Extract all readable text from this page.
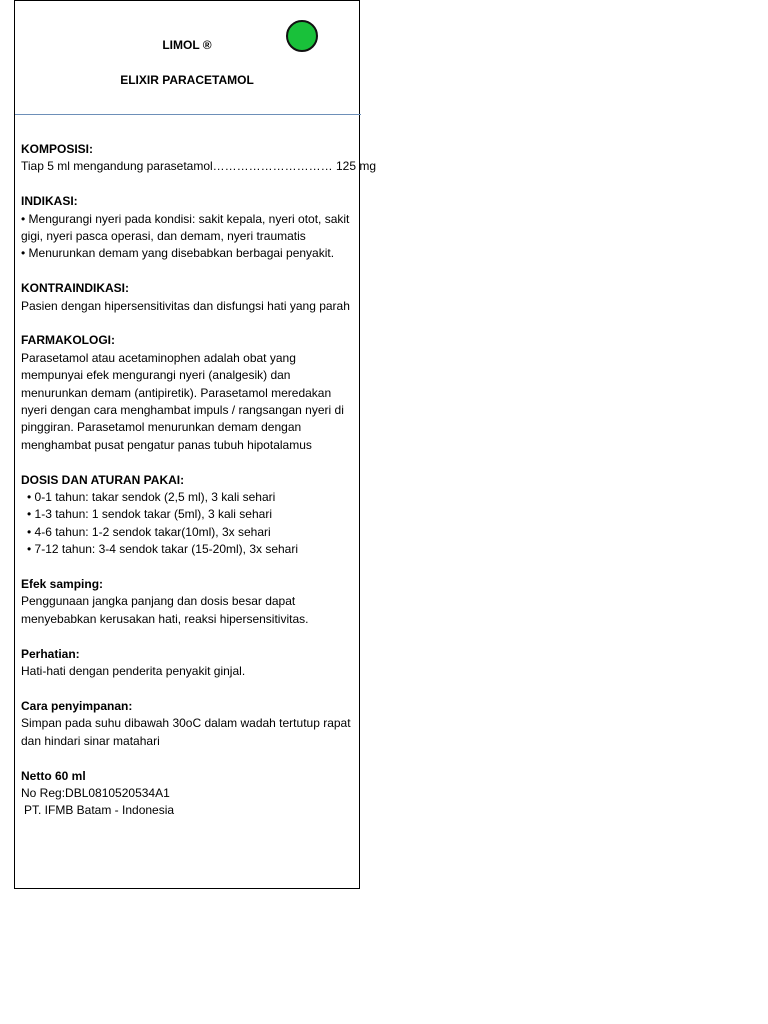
LIMOL ®
ELIXIR PARACETAMOL
KOMPOSISI:
Tiap 5 ml mengandung parasetamol………………………… 125 mg
INDIKASI:
• Mengurangi nyeri pada kondisi: sakit kepala, nyeri otot, sakit gigi, nyeri pasca operasi, dan demam, nyeri traumatis
• Menurunkan demam yang disebabkan berbagai penyakit.
KONTRAINDIKASI:
Pasien dengan hipersensitivitas dan disfungsi hati yang parah
FARMAKOLOGI:
Parasetamol atau acetaminophen adalah obat yang mempunyai efek mengurangi nyeri (analgesik) dan menurunkan demam (antipiretik). Parasetamol meredakan nyeri dengan cara menghambat impuls / rangsangan nyeri di pinggiran. Parasetamol menurunkan demam dengan menghambat pusat pengatur panas tubuh hipotalamus
DOSIS DAN ATURAN PAKAI:
• 0-1 tahun: takar sendok (2,5 ml), 3 kali sehari
• 1-3 tahun: 1 sendok takar (5ml), 3 kali sehari
• 4-6 tahun: 1-2 sendok takar(10ml), 3x sehari
• 7-12 tahun: 3-4 sendok takar (15-20ml), 3x sehari
Efek samping:
Penggunaan jangka panjang dan dosis besar dapat menyebabkan kerusakan hati, reaksi hipersensitivitas.
Perhatian:
Hati-hati dengan penderita penyakit ginjal.
Cara penyimpanan:
Simpan pada suhu dibawah 30oC dalam wadah tertutup rapat dan hindari sinar matahari
Netto 60 ml
No Reg:DBL0810520534A1
PT. IFMB Batam - Indonesia
